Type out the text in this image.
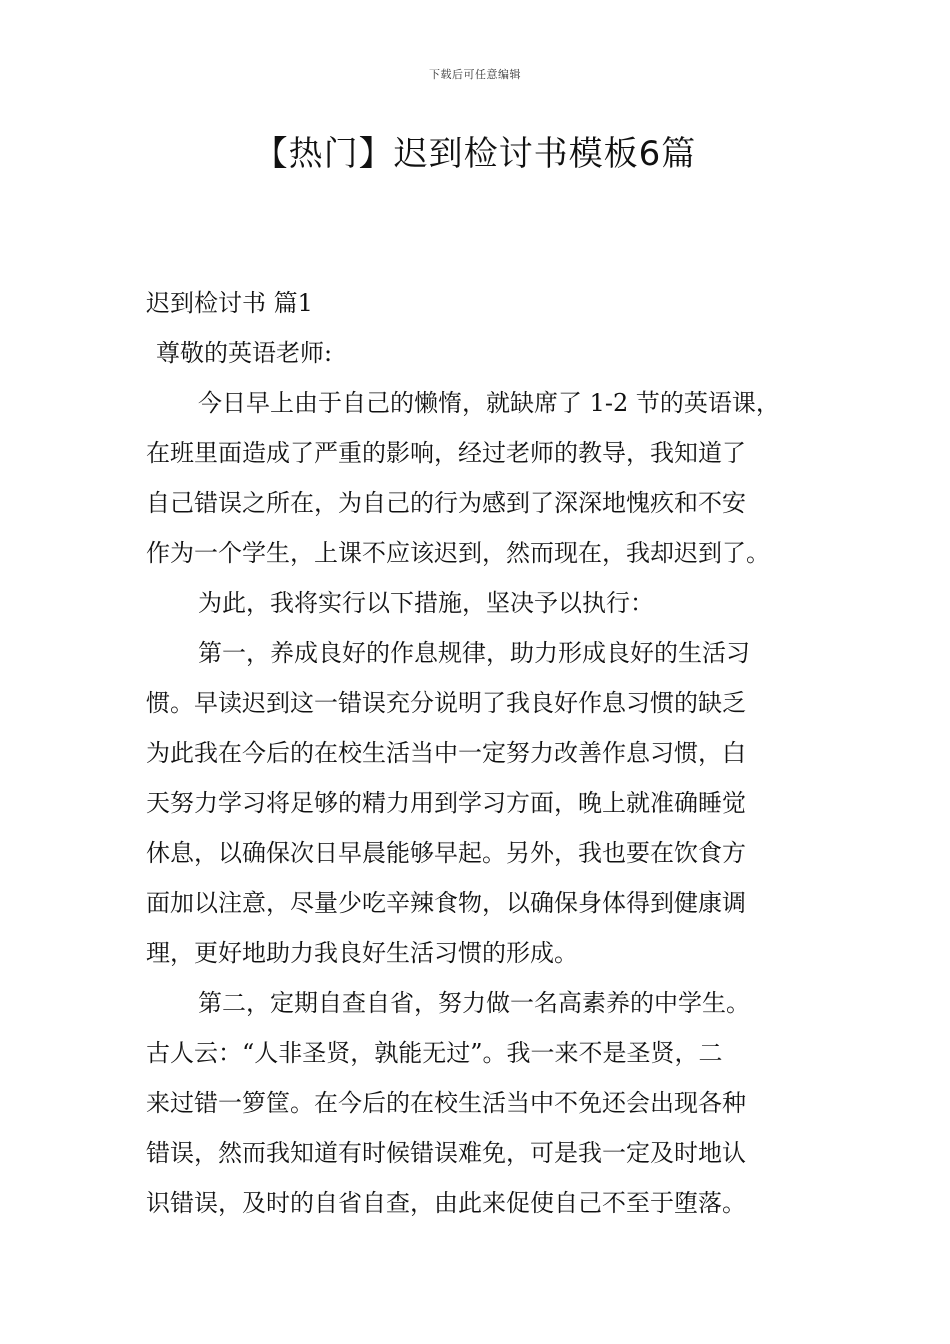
下载后可任意编辑
【热门】迟到检讨书模板6篇

迟到检讨书 篇1

尊敬的英语老师:

今日早上由于自己的懒惰，就缺席了 1-2 节的英语课，

在班里面造成了严重的影响，经过老师的教导，我知道了

自己错误之所在，为自己的行为感到了深深地愧疚和不安

作为一个学生，上课不应该迟到，然而现在，我却迟到了。

为此，我将实行以下措施，坚决予以执行：

第一，养成良好的作息规律，助力形成良好的生活习

惯。早读迟到这一错误充分说明了我良好作息习惯的缺乏

为此我在今后的在校生活当中一定努力改善作息习惯，白

天努力学习将足够的精力用到学习方面，晚上就准确睡觉

休息，以确保次日早晨能够早起。另外，我也要在饮食方

面加以注意，尽量少吃辛辣食物，以确保身体得到健康调

理，更好地助力我良好生活习惯的形成。

第二，定期自查自省，努力做一名高素养的中学生。

古人云：“人非圣贤，孰能无过”。我一来不是圣贤，二

来过错一箩筐。在今后的在校生活当中不免还会出现各种

错误，然而我知道有时候错误难免，可是我一定及时地认

识错误，及时的自省自查，由此来促使自己不至于堕落。
